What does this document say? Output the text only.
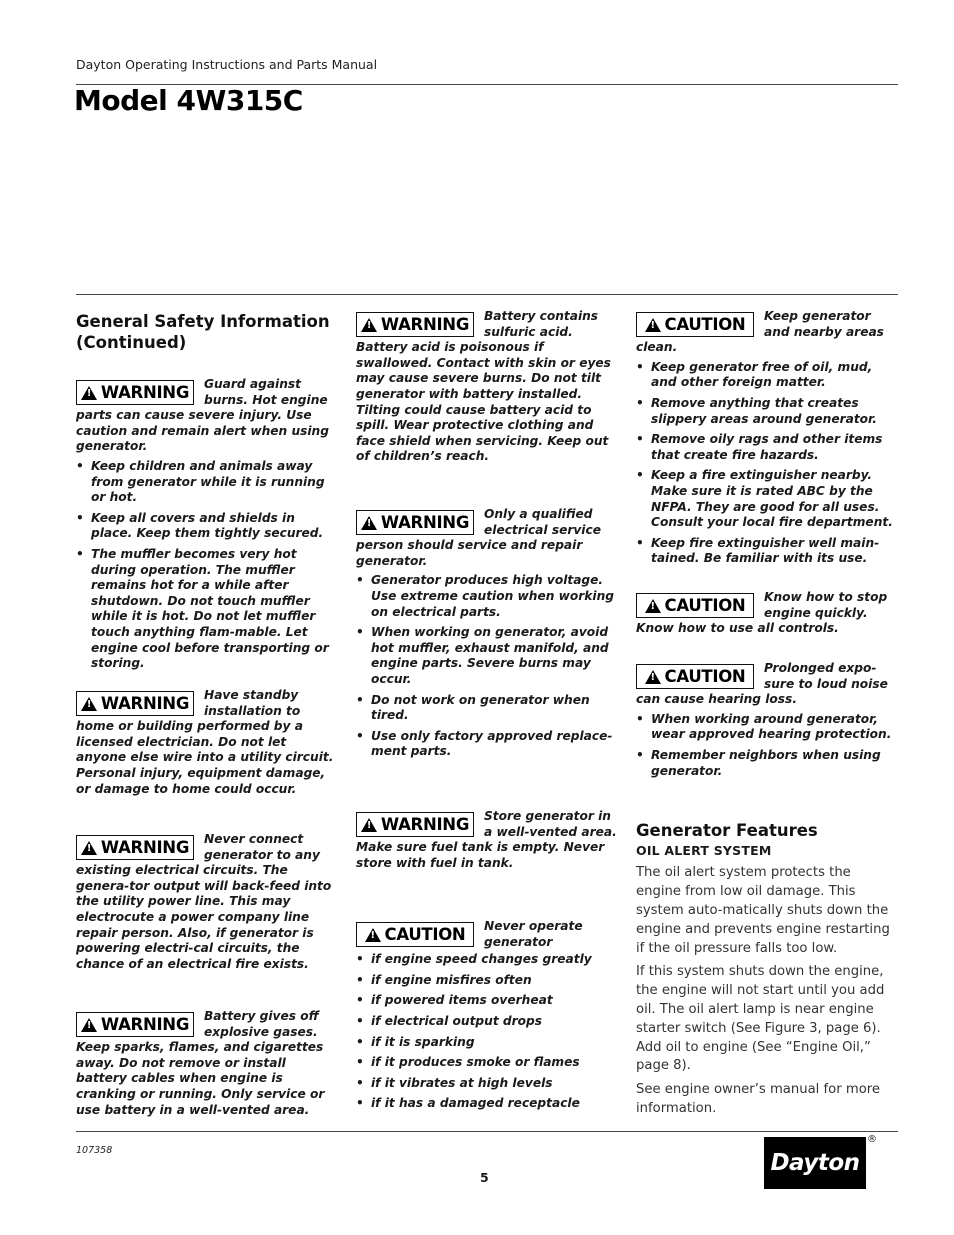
Dayton Operating Instructions and Parts Manual
Model 4W315C

General Safety Information

(Continued)

!
WARNING	Guard against burns. Hot engine parts can cause severe injury. Use caution and remain alert when using generator.

• Keep children and animals away from generator while it is running or hot.
• Keep all covers and shields in place. Keep them tightly secured.
• The muffler becomes very hot during operation. The muffler remains hot for a while after shutdown. Do not touch muffler while it is hot. Do not let muffler touch anything flam-mable. Let engine cool before transporting or storing.
!
WARNING	Have standby installation to home or building performed by a licensed electrician. Do not let anyone else wire into a utility circuit. Personal injury, equipment damage, or damage to home could occur.

!
WARNING	Never connect generator to any existing electrical circuits. The genera-tor output will back-feed into the utility power line. This may electrocute a power company line repair person. Also, if generator is powering electri-cal circuits, the chance of an electrical fire exists.

!
WARNING	Battery gives off explosive gases. Keep sparks, flames, and cigarettes away. Do not remove or install battery cables when engine is cranking or running. Only service or use battery in a well-vented area.

!
WARNING	Battery contains sulfuric acid. Battery acid is poisonous if swallowed. Contact with skin or eyes may cause severe burns. Do not tilt generator with battery installed. Tilting could cause battery acid to spill. Wear protective clothing and face shield when servicing. Keep out of children’s reach.

!
WARNING	Only a qualified electrical service person should service and repair generator.

• Generator produces high voltage. Use extreme caution when working on electrical parts.
• When working on generator, avoid hot muffler, exhaust manifold, and engine parts. Severe burns may occur.
• Do not work on generator when tired.
• Use only factory approved replace-ment parts.
!
WARNING	Store generator in a well-vented area. Make sure fuel tank is empty. Never store with fuel in tank.

!
CAUTION	Never operate generator

• if engine speed changes greatly
• if engine misfires often
• if powered items overheat
• if electrical output drops
• if it is sparking
• if it produces smoke or flames
• if it vibrates at high levels
• if it has a damaged receptacle
!
CAUTION	Keep generator and nearby areas clean.

• Keep generator free of oil, mud, and other foreign matter.
• Remove anything that creates slippery areas around generator.
• Remove oily rags and other items that create fire hazards.
• Keep a fire extinguisher nearby. Make sure it is rated ABC by the NFPA. They are good for all uses. Consult your local fire department.
• Keep fire extinguisher well main-tained. Be familiar with its use.
!
CAUTION	Know how to stop engine quickly. Know how to use all controls.

!
CAUTION	Prolonged expo-sure to loud noise can cause hearing loss.

• When working around generator, wear approved hearing protection.
• Remember neighbors when using generator.

Generator Features

OIL ALERT SYSTEM

The oil alert system protects the engine from low oil damage. This system auto-matically shuts down the engine and prevents engine restarting if the oil pressure falls too low.

If this system shuts down the engine, the engine will not start until you add oil. The oil alert lamp is near engine starter switch (See Figure 3, page 6). Add oil to engine (See “Engine Oil,” page 8).

See engine owner’s manual for more information.

107358
5
Dayton
®
